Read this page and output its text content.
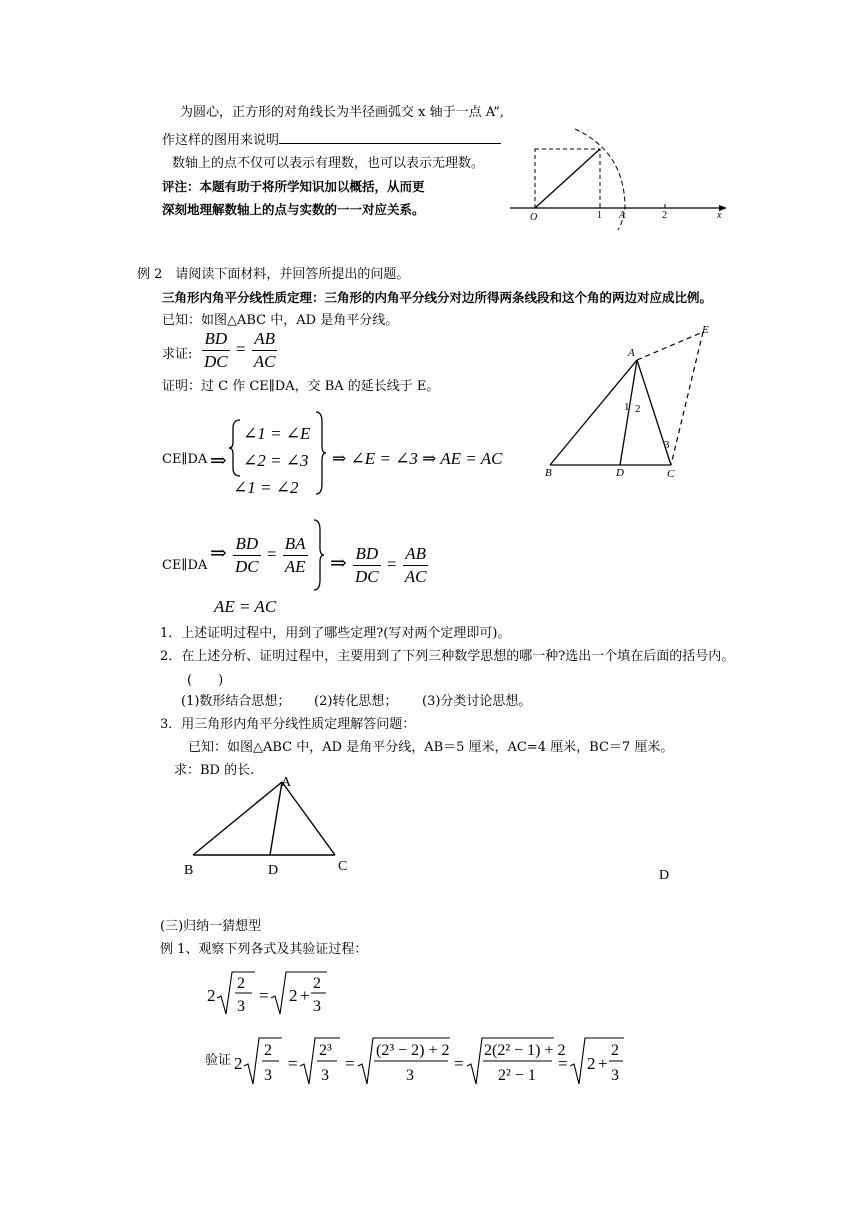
为圆心，正方形的对角线长为半径画弧交 x 轴于一点 A”,
作这样的图用来说明
数轴上的点不仅可以表示有理数，也可以表示无理数。
评注：本题有助于将所学知识加以概括，从而更
深刻地理解数轴上的点与实数的一一对应关系。
O	1 A	2	x
例 2　请阅读下面材料，并回答所提出的问题。
三角形内角平分线性质定理：三角形的内角平分线分对边所得两条线段和这个角的两边对应成比例。
已知：如图△ABC 中，AD 是角平分线。
求证: $\frac{BD}{DC} = \frac{AB}{AC}$
证明：过 C 作 CE∥DA，交 BA 的延长线于 E。
CE∥DA ⇒
∠1 = ∠E
∠2 = ∠3
∠1 = ∠2
⇒ ∠E = ∠3 ⇒ AE = AC
CE∥DA
⇒ $\frac{BD}{DC} = \frac{BA}{AE}$ ⇒ $\frac{BD}{DC} = \frac{AB}{AC}$
AE = AC
E
A
B	D	C
1 2
3
1．上述证明过程中，用到了哪些定理?(写对两个定理即可)。
2．在上述分析、证明过程中，主要用到了下列三种数学思想的哪一种?选出一个填在后面的括号内。
(　　)
(1)数形结合思想； (2)转化思想； (3)分类讨论思想。
3．用三角形内角平分线性质定理解答问题：
已知：如图△ABC 中，AD 是角平分线，AB＝5 厘米，AC=4 厘米，BC＝7 厘米。
求：BD 的长.
A
B	D	C
D
(三)归纳一猜想型
例 1、观察下列各式及其验证过程：
2
2
3
= 2 +
2
3
验证 2
2
3
=
2³
3
=
(2³ − 2) + 2
3
=
2(2² − 1) + 2
2² − 1
= 2 +
2
3
